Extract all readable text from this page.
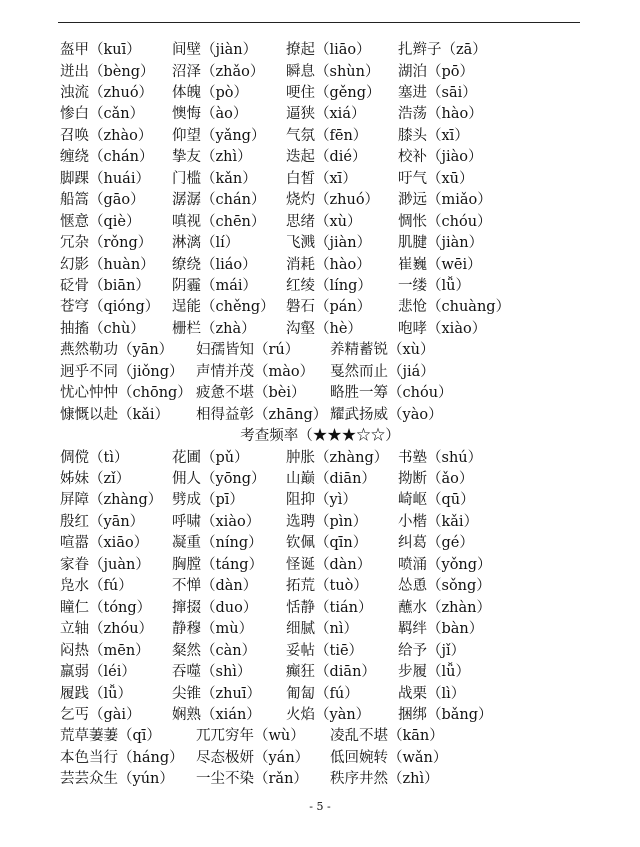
盔甲（kuī） 间壁（jiàn） 撩起（liāo） 扎辫子（zā）
迸出（bèng） 沼泽（zhǎo） 瞬息（shùn） 湖泊（pō）
浊流（zhuó） 体魄（pò）	哽住（gěng） 塞进（sāi）
惨白（cǎn） 懊悔（ào）	逼狭（xiá） 浩荡（hào）
召唤（zhào） 仰望（yǎng） 气氛（fēn） 膝头（xī）
缠绕（chán） 挚友（zhì） 迭起（dié） 校补（jiào）
脚踝（huái） 门槛（kǎn） 白皙（xī）	吁气（xū）
船篙（gāo） 潺潺（chán） 烧灼（zhuó） 渺远（miǎo）
惬意（qiè） 嗔视（chēn） 思绪（xù）	惆怅（chóu）
冗杂（rǒng） 淋漓（lí）	飞溅（jiàn） 肌腱（jiàn）
幻影（huàn） 缭绕（liáo） 消耗（hào） 崔巍（wēi）
砭骨（biān） 阴霾（mái） 红绫（líng） 一缕（lǚ）
苍穹（qióng） 逞能（chěng） 磐石（pán） 悲怆（chuàng）
抽搐（chù） 栅栏（zhà） 沟壑（hè） 咆哮（xiào）
燕然勒功（yān） 妇孺皆知（rú） 养精蓄锐（xù）
迥乎不同（jiǒng） 声情并茂（mào） 戛然而止（jiá）
忧心忡忡（chōng） 疲惫不堪（bèi） 略胜一筹（chóu）
慷慨以赴（kǎi） 相得益彰（zhāng） 耀武扬威（yào）
考查频率（★★★☆☆）
倜傥（tì）	花圃（pǔ）	肿胀（zhàng） 书塾（shú）
姊妹（zǐ）	佣人（yōng） 山巅（diān） 拗断（ǎo）
屏障（zhàng） 劈成（pī）	阻抑（yì）	崎岖（qū）
殷红（yān） 呼啸（xiào） 选聘（pìn） 小楷（kǎi）
喧嚣（xiāo） 凝重（níng） 钦佩（qīn） 纠葛（gé）
家眷（juàn） 胸膛（táng） 怪诞（dàn） 喷涌（yǒng）
凫水（fú）	不惮（dàn） 拓荒（tuò） 怂恿（sǒng）
瞳仁（tóng） 撺掇（duo） 恬静（tián） 蘸水（zhàn）
立轴（zhóu） 静穆（mù） 细腻（nì）	羁绊（bàn）
闷热（mēn） 粲然（càn） 妥帖（tiē） 给予（jǐ）
羸弱（léi） 吞噬（shì） 癫狂（diān） 步履（lǚ）
履践（lǚ）	尖锥（zhuī） 匍匐（fú）	战栗（lì）
乞丐（gài） 娴熟（xián） 火焰（yàn） 捆绑（bǎng）
荒草萋萋（qī） 兀兀穷年（wù） 凌乱不堪（kān）
本色当行（háng） 尽态极妍（yán） 低回婉转（wǎn）
芸芸众生（yún） 一尘不染（rǎn） 秩序井然（zhì）
- 5 -
